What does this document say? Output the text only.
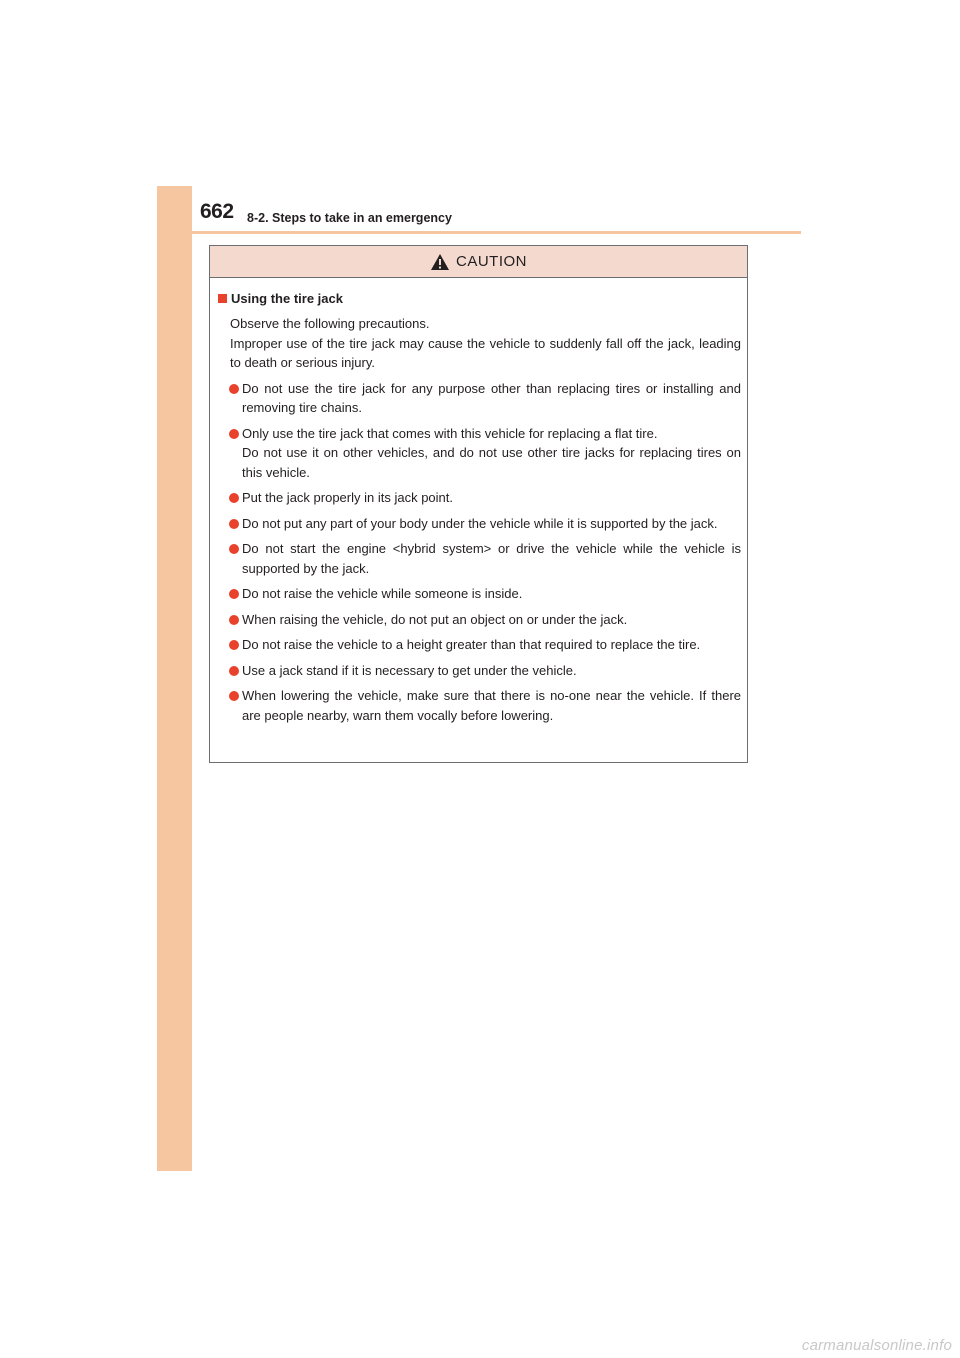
662 8-2. Steps to take in an emergency
CAUTION
Using the tire jack
Observe the following precautions.
Improper use of the tire jack may cause the vehicle to suddenly fall off the jack, leading to death or serious injury.
Do not use the tire jack for any purpose other than replacing tires or installing and removing tire chains.
Only use the tire jack that comes with this vehicle for replacing a flat tire.
Do not use it on other vehicles, and do not use other tire jacks for replacing tires on this vehicle.
Put the jack properly in its jack point.
Do not put any part of your body under the vehicle while it is supported by the jack.
Do not start the engine <hybrid system> or drive the vehicle while the vehicle is supported by the jack.
Do not raise the vehicle while someone is inside.
When raising the vehicle, do not put an object on or under the jack.
Do not raise the vehicle to a height greater than that required to replace the tire.
Use a jack stand if it is necessary to get under the vehicle.
When lowering the vehicle, make sure that there is no-one near the vehicle. If there are people nearby, warn them vocally before lowering.
carmanualsonline.info
